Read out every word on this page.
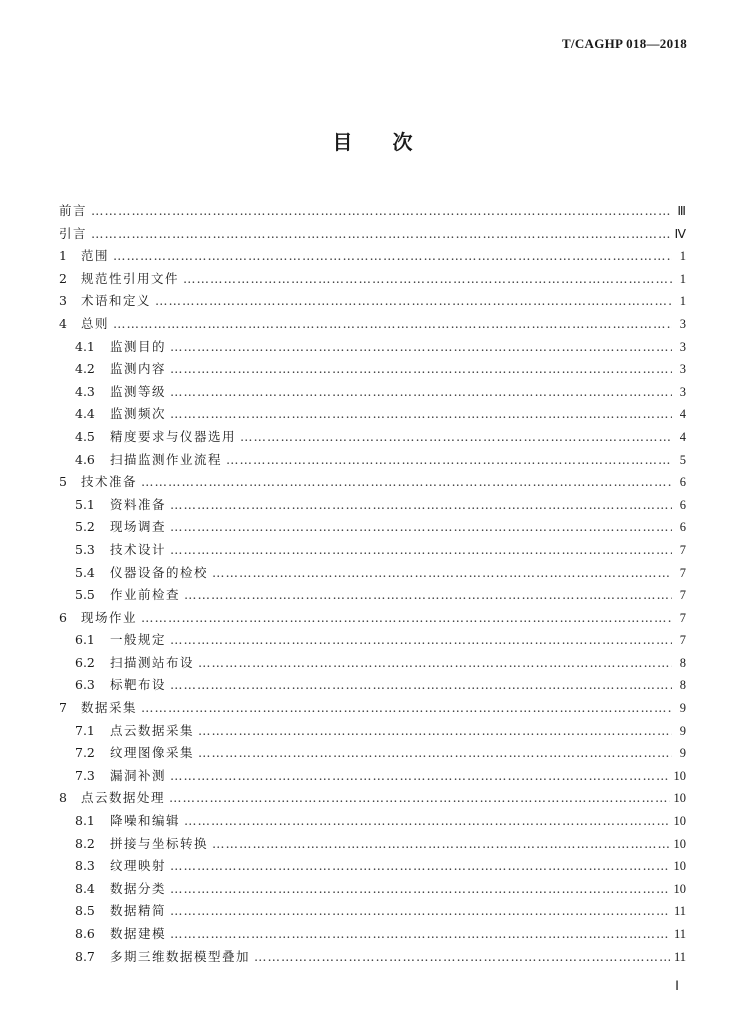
T/CAGHP 018—2018
目 次
前言 ……………………………………………………………………………………………………………………………………………………………………………………………………………………………………	Ⅲ
引言 ……………………………………………………………………………………………………………………………………………………………………………………………………………………………………	Ⅳ
1	范围 ……………………………………………………………………………………………………………………………………………………………………………………………………………………………………	1
2	规范性引用文件 ……………………………………………………………………………………………………………………………………………………………………………………………………………………………………	1
3	术语和定义 ……………………………………………………………………………………………………………………………………………………………………………………………………………………………………	1
4	总则 ……………………………………………………………………………………………………………………………………………………………………………………………………………………………………	3
4.1	监测目的 ……………………………………………………………………………………………………………………………………………………………………………………………………………………………………	3
4.2	监测内容 ……………………………………………………………………………………………………………………………………………………………………………………………………………………………………	3
4.3	监测等级 ……………………………………………………………………………………………………………………………………………………………………………………………………………………………………	3
4.4	监测频次 ……………………………………………………………………………………………………………………………………………………………………………………………………………………………………	4
4.5	精度要求与仪器选用 ……………………………………………………………………………………………………………………………………………………………………………………………………………………………………	4
4.6	扫描监测作业流程 ……………………………………………………………………………………………………………………………………………………………………………………………………………………………………	5
5	技术准备 ……………………………………………………………………………………………………………………………………………………………………………………………………………………………………	6
5.1	资料准备 ……………………………………………………………………………………………………………………………………………………………………………………………………………………………………	6
5.2	现场调查 ……………………………………………………………………………………………………………………………………………………………………………………………………………………………………	6
5.3	技术设计 ……………………………………………………………………………………………………………………………………………………………………………………………………………………………………	7
5.4	仪器设备的检校 ……………………………………………………………………………………………………………………………………………………………………………………………………………………………………	7
5.5	作业前检查 ……………………………………………………………………………………………………………………………………………………………………………………………………………………………………	7
6	现场作业 ……………………………………………………………………………………………………………………………………………………………………………………………………………………………………	7
6.1	一般规定 ……………………………………………………………………………………………………………………………………………………………………………………………………………………………………	7
6.2	扫描测站布设 ……………………………………………………………………………………………………………………………………………………………………………………………………………………………………	8
6.3	标靶布设 ……………………………………………………………………………………………………………………………………………………………………………………………………………………………………	8
7	数据采集 ……………………………………………………………………………………………………………………………………………………………………………………………………………………………………	9
7.1	点云数据采集 ……………………………………………………………………………………………………………………………………………………………………………………………………………………………………	9
7.2	纹理图像采集 ……………………………………………………………………………………………………………………………………………………………………………………………………………………………………	9
7.3	漏洞补测 ……………………………………………………………………………………………………………………………………………………………………………………………………………………………………	10
8	点云数据处理 ……………………………………………………………………………………………………………………………………………………………………………………………………………………………………	10
8.1	降噪和编辑 ……………………………………………………………………………………………………………………………………………………………………………………………………………………………………	10
8.2	拼接与坐标转换 ……………………………………………………………………………………………………………………………………………………………………………………………………………………………………	10
8.3	纹理映射 ……………………………………………………………………………………………………………………………………………………………………………………………………………………………………	10
8.4	数据分类 ……………………………………………………………………………………………………………………………………………………………………………………………………………………………………	10
8.5	数据精简 ……………………………………………………………………………………………………………………………………………………………………………………………………………………………………	11
8.6	数据建模 ……………………………………………………………………………………………………………………………………………………………………………………………………………………………………	11
8.7	多期三维数据模型叠加 ……………………………………………………………………………………………………………………………………………………………………………………………………………………………………	11
Ⅰ
